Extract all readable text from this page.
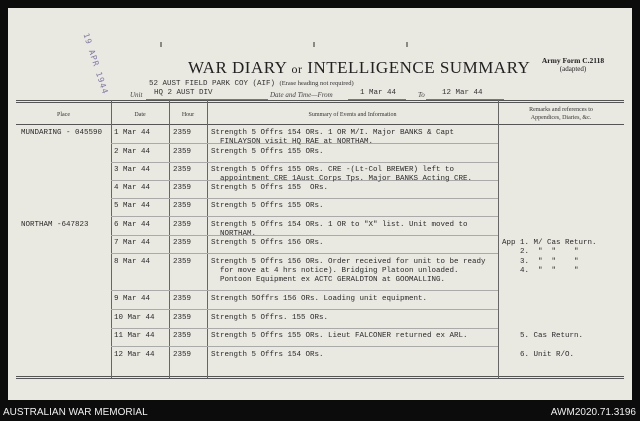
19 APR 1944	WAR DIARY or INTELLIGENCE SUMMARY	Army Form C.2118
(adapted)
52 AUST FIELD PARK COY (AIF) (Erase heading not required)
Unit HQ 2 AUST DIV	Date and Time—From	1 Mar 44	To 12 Mar 44
Place	Date	Hour	Summary of Events and Information
Remarks and references to
Appendices, Diaries, &c.
MUNDARING - 045590 1 Mar 44	2359	Strength 5 Offrs 154 ORs. 1 OR M/I. Major BANKS & Capt
FINLAYSON visit HQ RAE at NORTHAM.
2 Mar 44	2359	Strength 5 Offrs 155 ORs.
3 Mar 44	2359	Strength 5 Offrs 155 ORs. CRE -(Lt-Col BREWER) left to
appointment CRE 1Aust Corps Tps. Major BANKS Acting CRE.
4 Mar 44	2359	Strength 5 Offrs 155  ORs.
5 Mar 44	2359	Strength 5 Offrs 155 ORs.
NORTHAM -647823	6 Mar 44	2359	Strength 5 Offrs 154 ORs. 1 OR to "X" list. Unit moved to
NORTHAM.
7 Mar 44	2359	Strength 5 Offrs 156 ORs.	App 1. M/ Cas Return.
2.  "  "    "
8 Mar 44	2359	Strength 5 Offrs 156 ORs. Order received for unit to be ready
for move at 4 hrs notice). Bridging Platoon unloaded.
Pontoon Equipment ex ACTC GERALDTON at GOOMALLING.
3.  "  "    "
4.  "  "    "
9 Mar 44	2359	Strength 5Offrs 156 ORs. Loading unit equipment.
10 Mar 44 2359	Strength 5 Offrs. 155 ORs.
11 Mar 44 2359	Strength 5 Offrs 155 ORs. Lieut FALCONER returned ex ARL.	5. Cas Return.
12 Mar 44 2359	Strength 5 Offrs 154 ORs.	6. Unit R/O.
AUSTRALIAN WAR MEMORIAL	AWM2020.71.3196
